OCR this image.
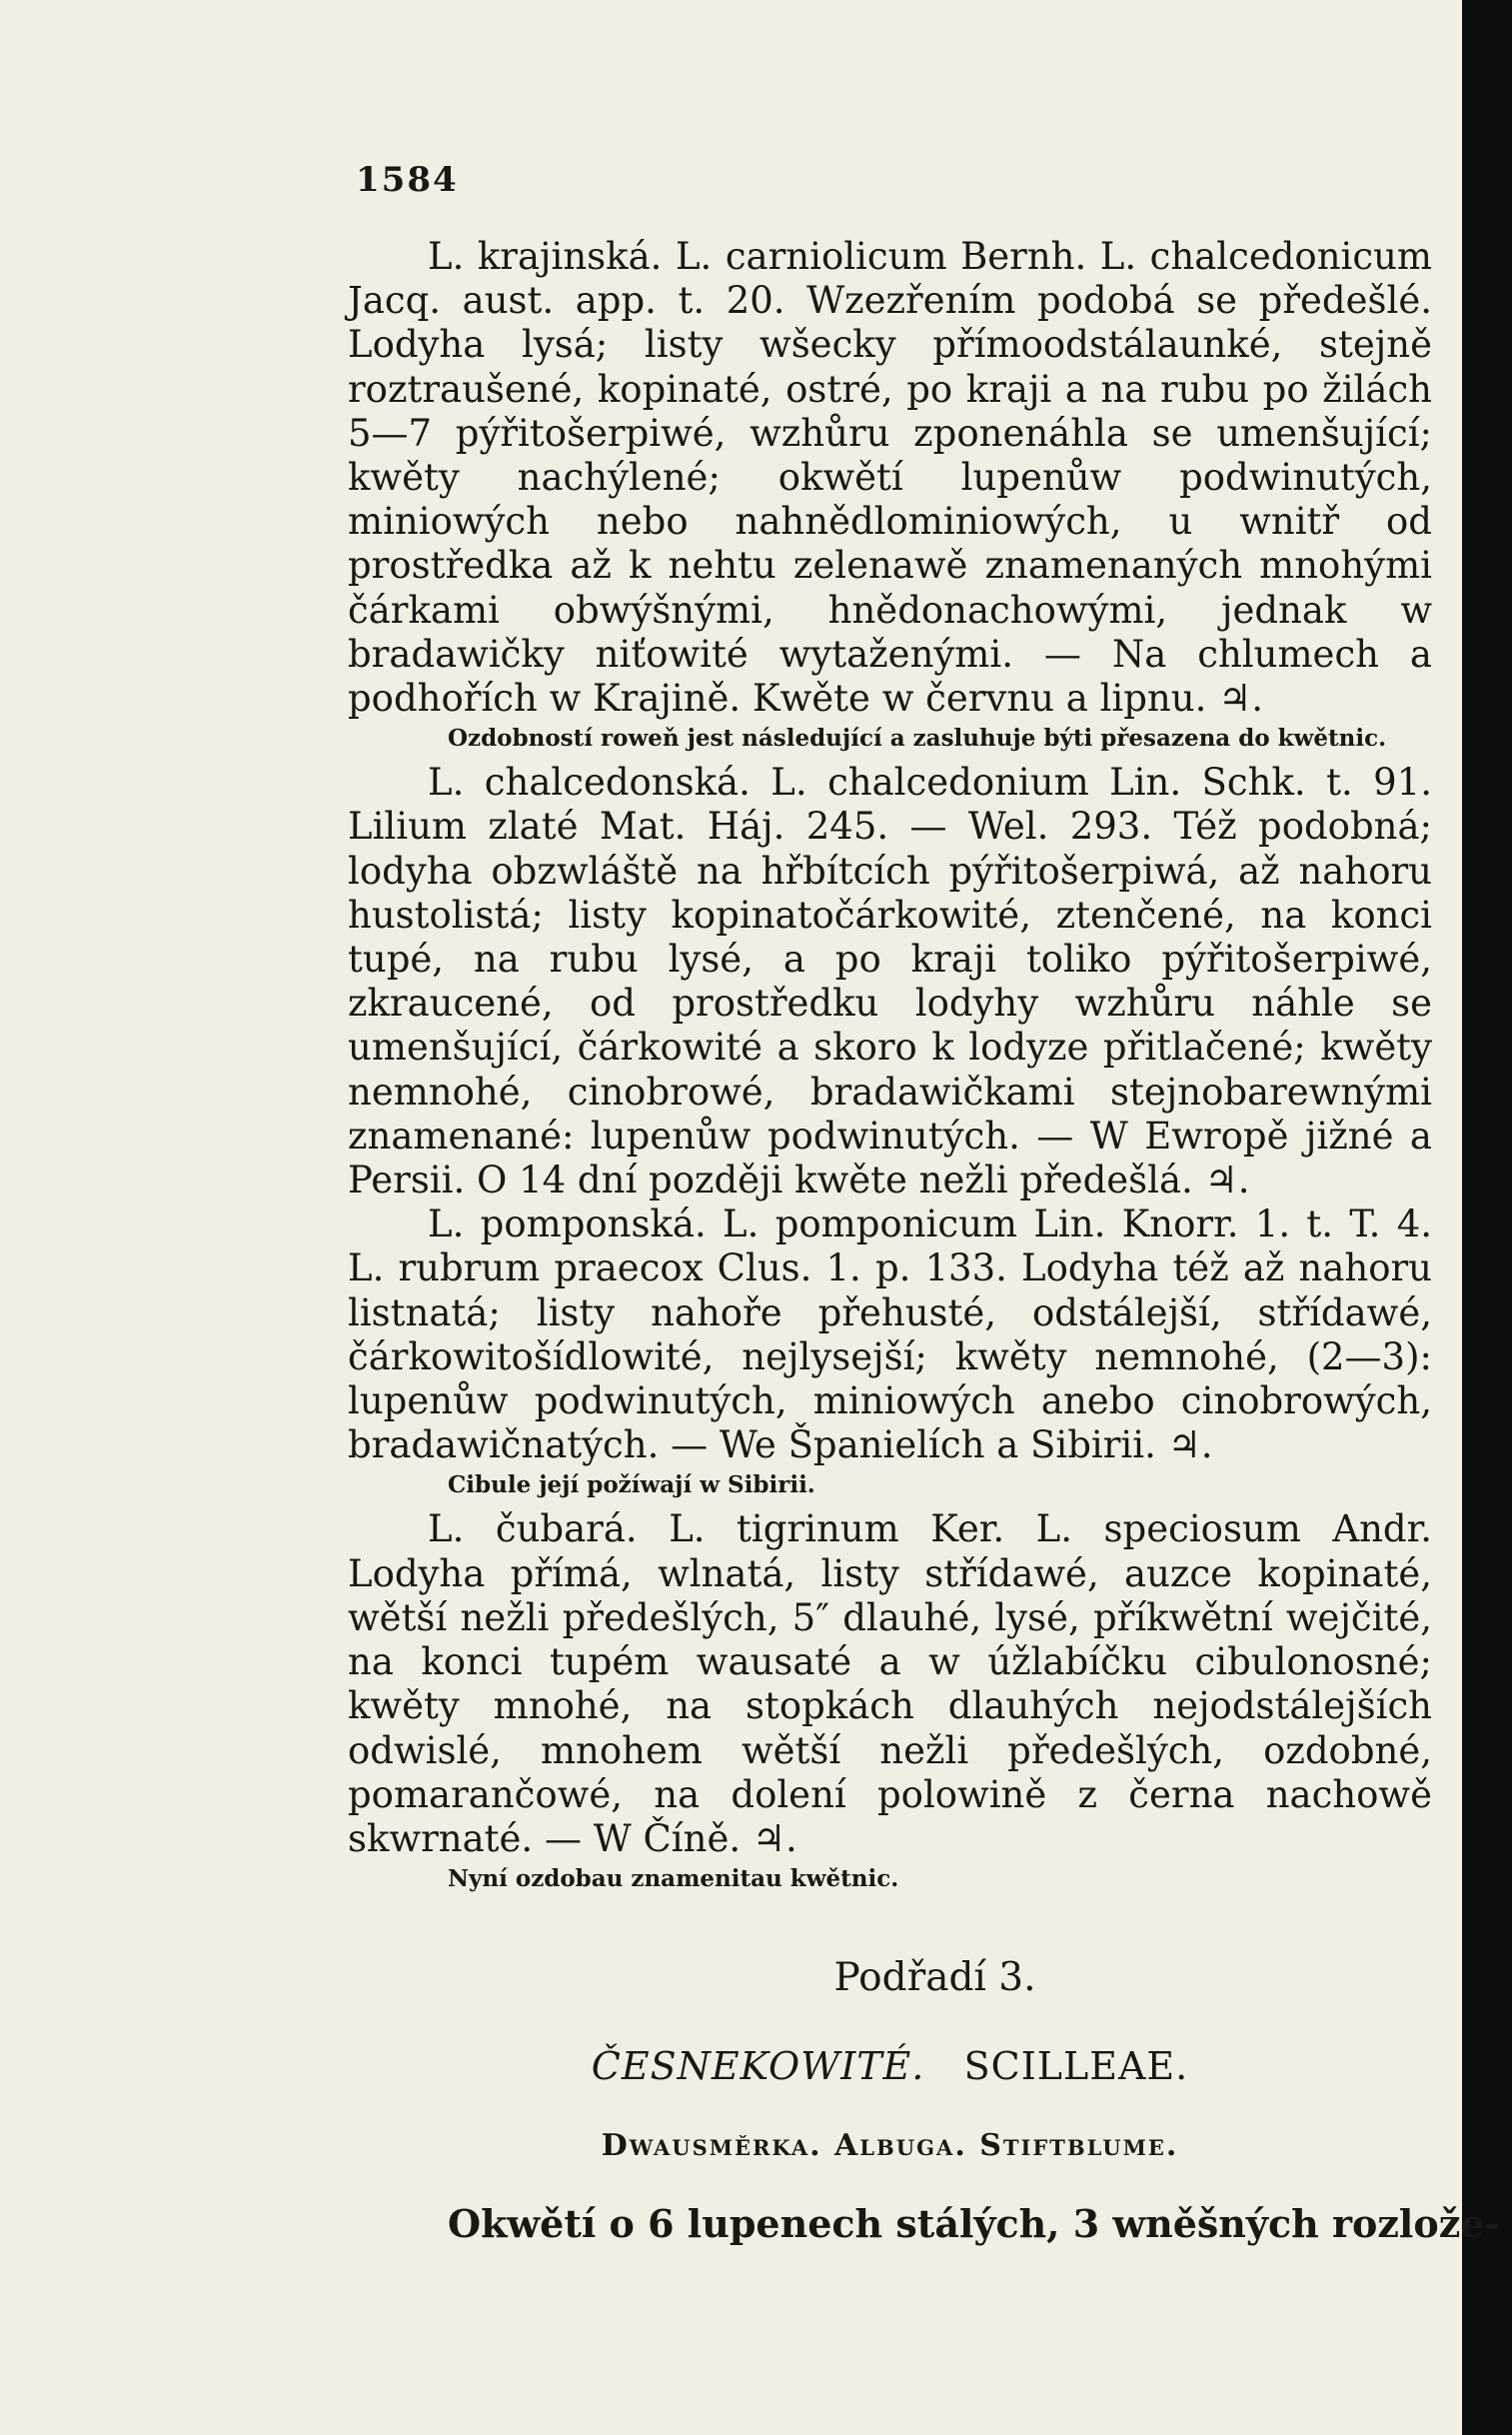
1584

L. krajinská. L. carniolicum Bernh. L. chalcedonicum Jacq. aust. app. t. 20. Wzezřením podobá se předešlé. Lodyha lysá; listy wšecky přímoodstálaunké, stejně roztraušené, kopinaté, ostré, po kraji a na rubu po žilách 5—7 pýřitošerpiwé, wzhůru zponenáhla se umenšující; kwěty nachýlené; okwětí lupenůw podwinutých, miniowých nebo nahnědlominiowých, u wnitř od prostředka až k nehtu zelenawě znamenaných mnohými čárkami obwýšnými, hnědonachowými, jednak w bradawičky niťowité wytaženými. — Na chlumech a podhořích w Krajině. Kwěte w červnu a lipnu. ♃.

Ozdobností roweň jest následující a zasluhuje býti přesazena do kwětnic.

L. chalcedonská. L. chalcedonium Lin. Schk. t. 91. Lilium zlaté Mat. Háj. 245. — Wel. 293. Též podobná; lodyha obzwláště na hřbítcích pýřitošerpiwá, až nahoru hustolistá; listy kopinatočárkowité, ztenčené, na konci tupé, na rubu lysé, a po kraji toliko pýřitošerpiwé, zkraucené, od prostředku lodyhy wzhůru náhle se umenšující, čárkowité a skoro k lodyze přitlačené; kwěty nemnohé, cinobrowé, bradawičkami stejnobarewnými znamenané: lupenůw podwinutých. — W Ewropě jižné a Persii. O 14 dní později kwěte nežli předešlá. ♃.

L. pomponská. L. pomponicum Lin. Knorr. 1. t. T. 4. L. rubrum praecox Clus. 1. p. 133. Lodyha též až nahoru listnatá; listy nahoře přehusté, odstálejší, střídawé, čárkowitošídlowité, nejlysejší; kwěty nemnohé, (2—3): lupenůw podwinutých, miniowých anebo cinobrowých, bradawičnatých. — We Španielích a Sibirii. ♃.

Cibule její požíwají w Sibirii.

L. čubará. L. tigrinum Ker. L. speciosum Andr. Lodyha přímá, wlnatá, listy střídawé, auzce kopinaté, wětší nežli předešlých, 5″ dlauhé, lysé, příkwětní wejčité, na konci tupém wausaté a w úžlabíčku cibulonosné; kwěty mnohé, na stopkách dlauhých nejodstálejších odwislé, mnohem wětší nežli předešlých, ozdobné, pomarančowé, na dolení polowině z černa nachowě skwrnaté. — W Číně. ♃.

Nyní ozdobau znamenitau kwětnic.

Podřadí 3.
ČESNEKOWITÉ. SCILLEAE.
Dwausměrka. Albuga. Stiftblume.
Okwětí o 6 lupenech stálých, 3 wněšných rozlože-
